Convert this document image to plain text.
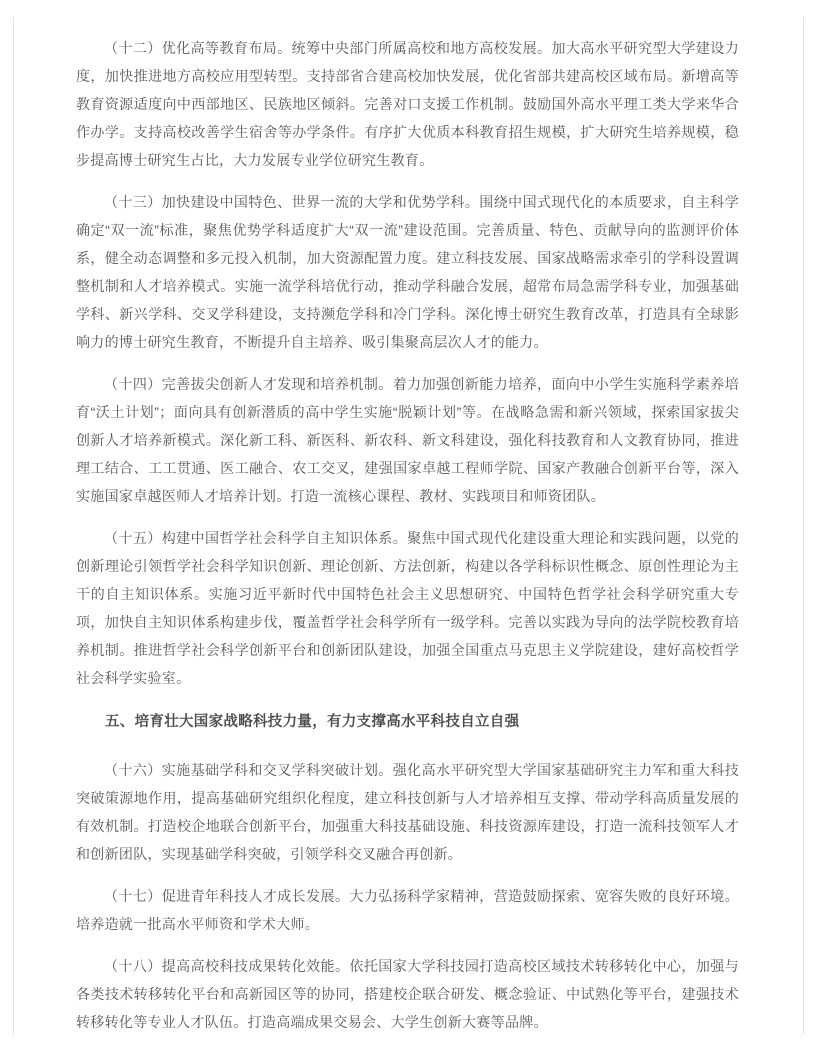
（十二）优化高等教育布局。统筹中央部门所属高校和地方高校发展。加大高水平研究型大学建设力度，加快推进地方高校应用型转型。支持部省合建高校加快发展，优化省部共建高校区域布局。新增高等教育资源适度向中西部地区、民族地区倾斜。完善对口支援工作机制。鼓励国外高水平理工类大学来华合作办学。支持高校改善学生宿舍等办学条件。有序扩大优质本科教育招生规模，扩大研究生培养规模，稳步提高博士研究生占比，大力发展专业学位研究生教育。

（十三）加快建设中国特色、世界一流的大学和优势学科。围绕中国式现代化的本质要求，自主科学确定“双一流”标准，聚焦优势学科适度扩大“双一流”建设范围。完善质量、特色、贡献导向的监测评价体系，健全动态调整和多元投入机制，加大资源配置力度。建立科技发展、国家战略需求牵引的学科设置调整机制和人才培养模式。实施一流学科培优行动，推动学科融合发展，超常布局急需学科专业，加强基础学科、新兴学科、交叉学科建设，支持濒危学科和冷门学科。深化博士研究生教育改革，打造具有全球影响力的博士研究生教育，不断提升自主培养、吸引集聚高层次人才的能力。

（十四）完善拔尖创新人才发现和培养机制。着力加强创新能力培养，面向中小学生实施科学素养培育“沃土计划”；面向具有创新潜质的高中学生实施“脱颖计划”等。在战略急需和新兴领域，探索国家拔尖创新人才培养新模式。深化新工科、新医科、新农科、新文科建设，强化科技教育和人文教育协同，推进理工结合、工工贯通、医工融合、农工交叉，建强国家卓越工程师学院、国家产教融合创新平台等，深入实施国家卓越医师人才培养计划。打造一流核心课程、教材、实践项目和师资团队。

（十五）构建中国哲学社会科学自主知识体系。聚焦中国式现代化建设重大理论和实践问题，以党的创新理论引领哲学社会科学知识创新、理论创新、方法创新，构建以各学科标识性概念、原创性理论为主干的自主知识体系。实施习近平新时代中国特色社会主义思想研究、中国特色哲学社会科学研究重大专项，加快自主知识体系构建步伐，覆盖哲学社会科学所有一级学科。完善以实践为导向的法学院校教育培养机制。推进哲学社会科学创新平台和创新团队建设，加强全国重点马克思主义学院建设，建好高校哲学社会科学实验室。

五、培育壮大国家战略科技力量，有力支撑高水平科技自立自强

（十六）实施基础学科和交叉学科突破计划。强化高水平研究型大学国家基础研究主力军和重大科技突破策源地作用，提高基础研究组织化程度，建立科技创新与人才培养相互支撑、带动学科高质量发展的有效机制。打造校企地联合创新平台，加强重大科技基础设施、科技资源库建设，打造一流科技领军人才和创新团队，实现基础学科突破，引领学科交叉融合再创新。

（十七）促进青年科技人才成长发展。大力弘扬科学家精神，营造鼓励探索、宽容失败的良好环境。培养造就一批高水平师资和学术大师。

（十八）提高高校科技成果转化效能。依托国家大学科技园打造高校区域技术转移转化中心，加强与各类技术转移转化平台和高新园区等的协同，搭建校企联合研发、概念验证、中试熟化等平台，建强技术转移转化等专业人才队伍。打造高端成果交易会、大学生创新大赛等品牌。
